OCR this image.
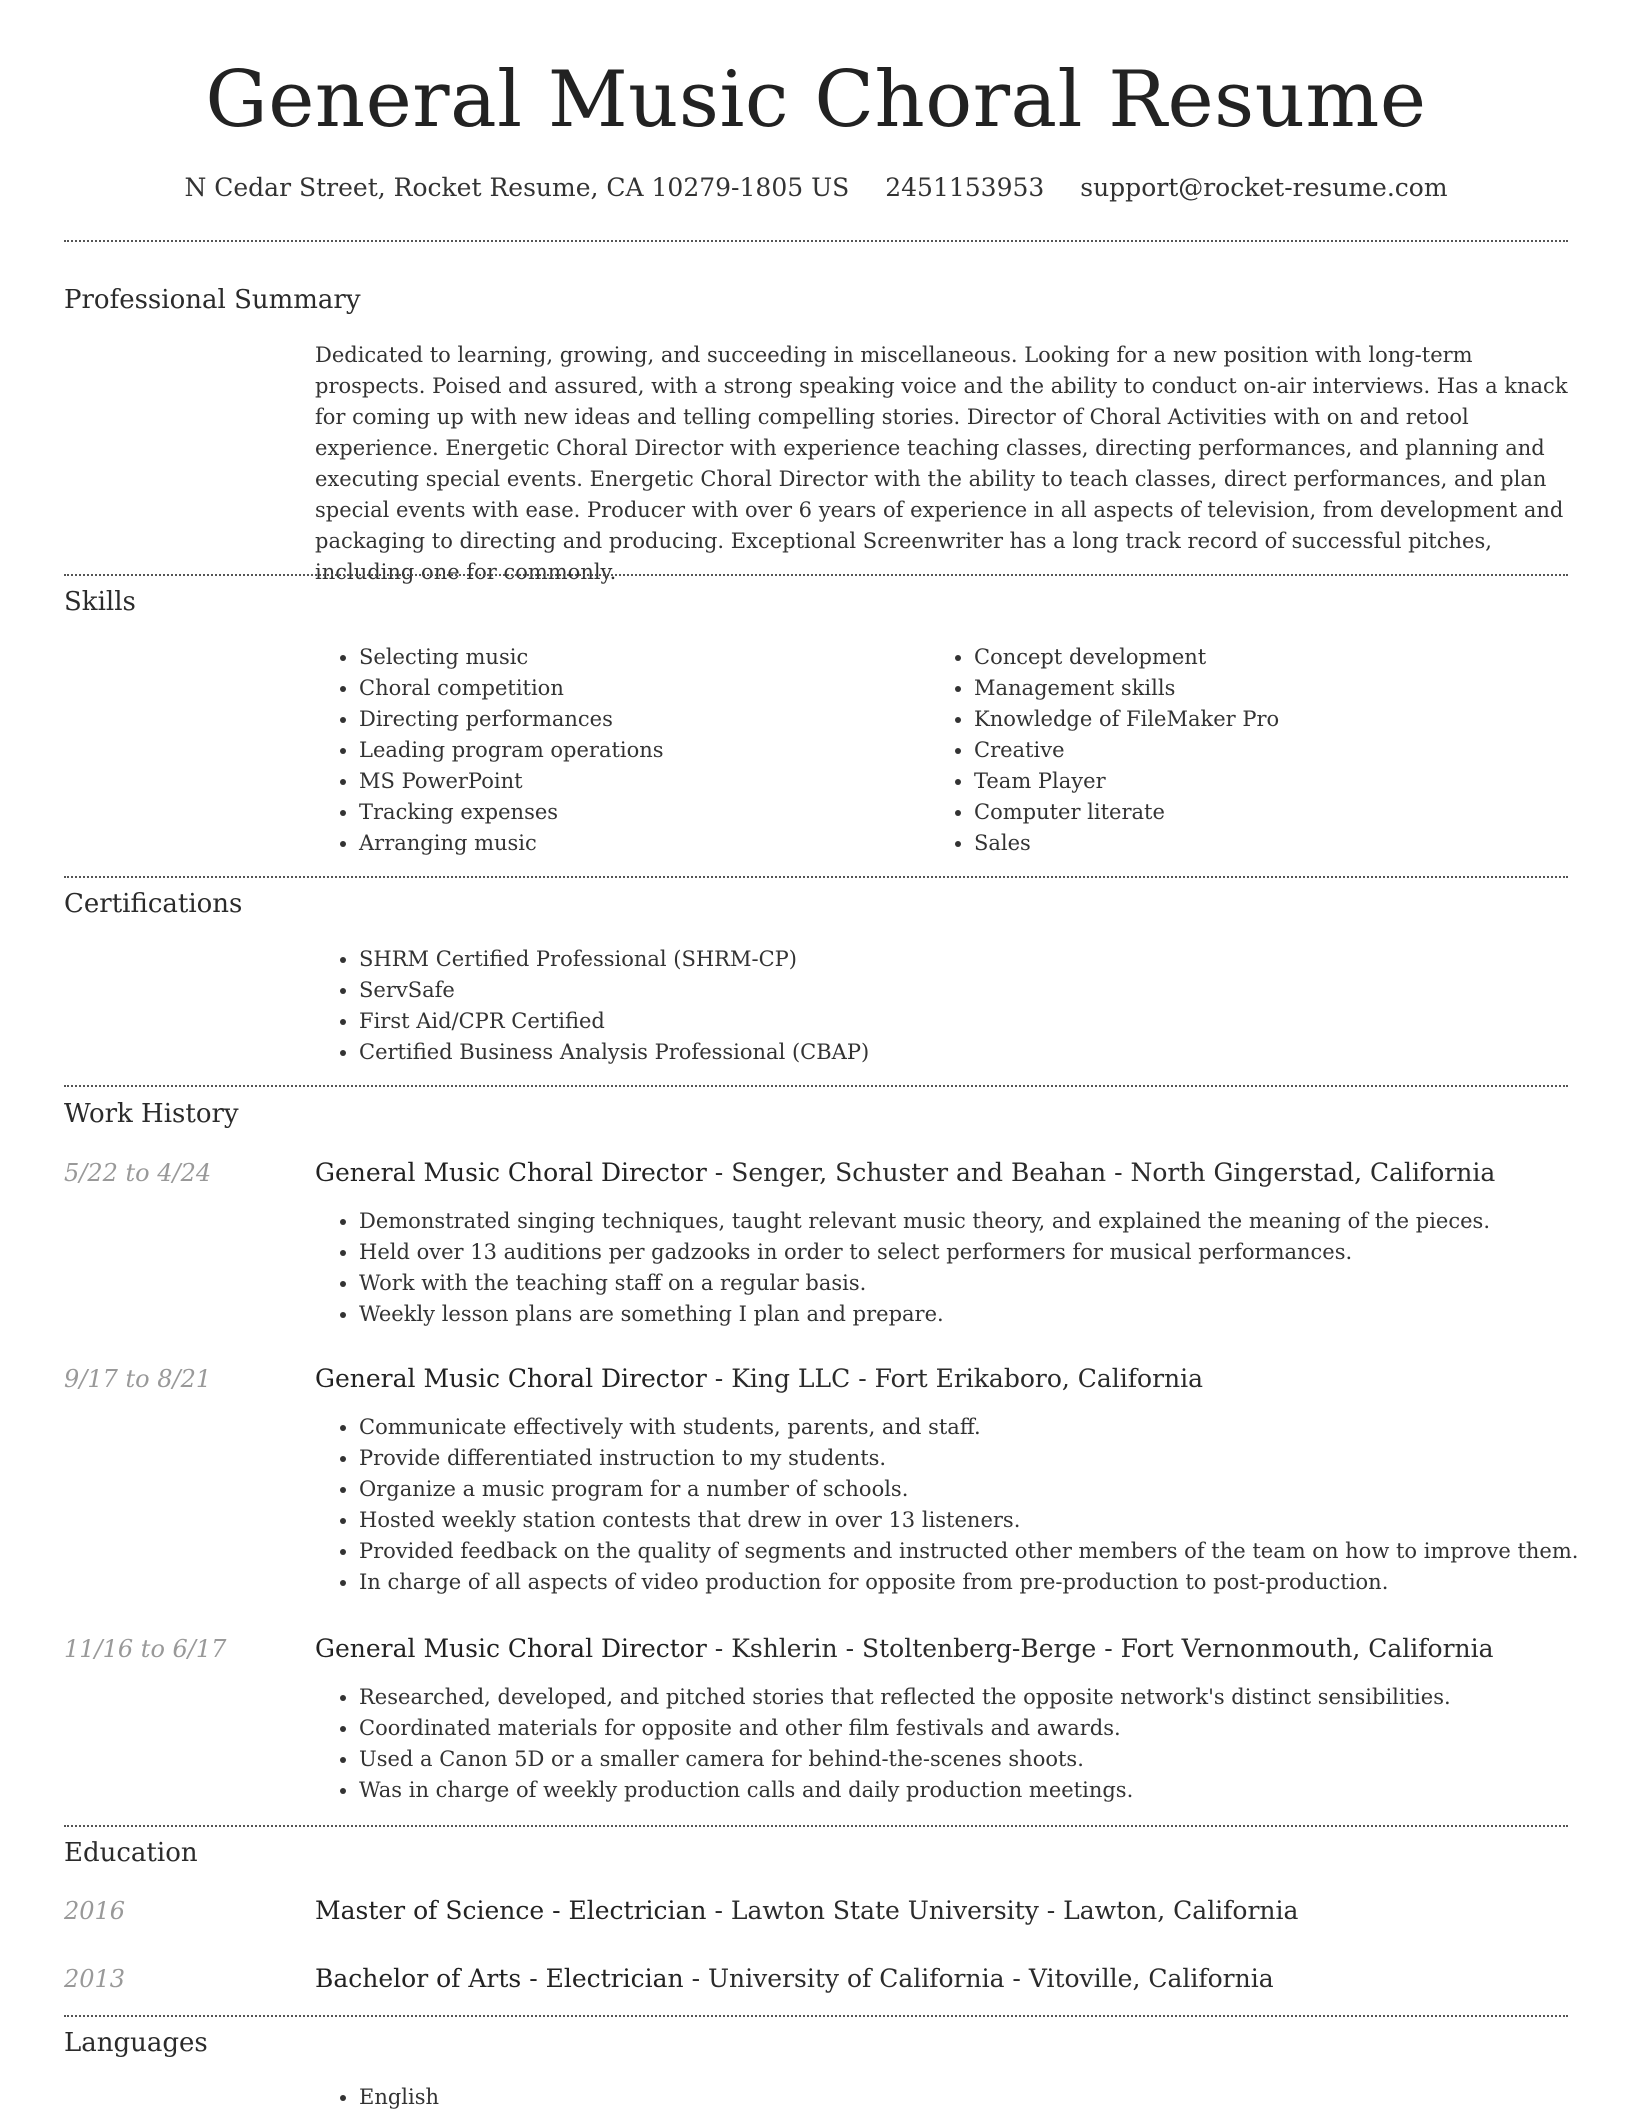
General Music Choral Resume
N Cedar Street, Rocket Resume, CA 10279-1805 US 2451153953 support@rocket-resume.com
Professional Summary

Dedicated to learning, growing, and succeeding in miscellaneous. Looking for a new position with long-term prospects. Poised and assured, with a strong speaking voice and the ability to conduct on-air interviews. Has a knack for coming up with new ideas and telling compelling stories. Director of Choral Activities with on and retool experience. Energetic Choral Director with experience teaching classes, directing performances, and planning and executing special events. Energetic Choral Director with the ability to teach classes, direct performances, and plan special events with ease. Producer with over 6 years of experience in all aspects of television, from development and packaging to directing and producing. Exceptional Screenwriter has a long track record of successful pitches, including one for commonly.

Skills
• Selecting music
• Choral competition
• Directing performances
• Leading program operations
• MS PowerPoint
• Tracking expenses
• Arranging music
• Concept development
• Management skills
• Knowledge of FileMaker Pro
• Creative
• Team Player
• Computer literate
• Sales
Certifications
• SHRM Certified Professional (SHRM-CP)
• ServSafe
• First Aid/CPR Certified
• Certified Business Analysis Professional (CBAP)
Work History
5/22 to 4/24	General Music Choral Director - Senger, Schuster and Beahan - North Gingerstad, California
• Demonstrated singing techniques, taught relevant music theory, and explained the meaning of the pieces.
• Held over 13 auditions per gadzooks in order to select performers for musical performances.
• Work with the teaching staff on a regular basis.
• Weekly lesson plans are something I plan and prepare.
9/17 to 8/21	General Music Choral Director - King LLC - Fort Erikaboro, California
• Communicate effectively with students, parents, and staff.
• Provide differentiated instruction to my students.
• Organize a music program for a number of schools.
• Hosted weekly station contests that drew in over 13 listeners.
• Provided feedback on the quality of segments and instructed other members of the team on how to improve them.
• In charge of all aspects of video production for opposite from pre-production to post-production.
11/16 to 6/17	General Music Choral Director - Kshlerin - Stoltenberg-Berge - Fort Vernonmouth, California
• Researched, developed, and pitched stories that reflected the opposite network's distinct sensibilities.
• Coordinated materials for opposite and other film festivals and awards.
• Used a Canon 5D or a smaller camera for behind-the-scenes shoots.
• Was in charge of weekly production calls and daily production meetings.
Education
2016	Master of Science - Electrician - Lawton State University - Lawton, California
2013	Bachelor of Arts - Electrician - University of California - Vitoville, California
Languages
• English
